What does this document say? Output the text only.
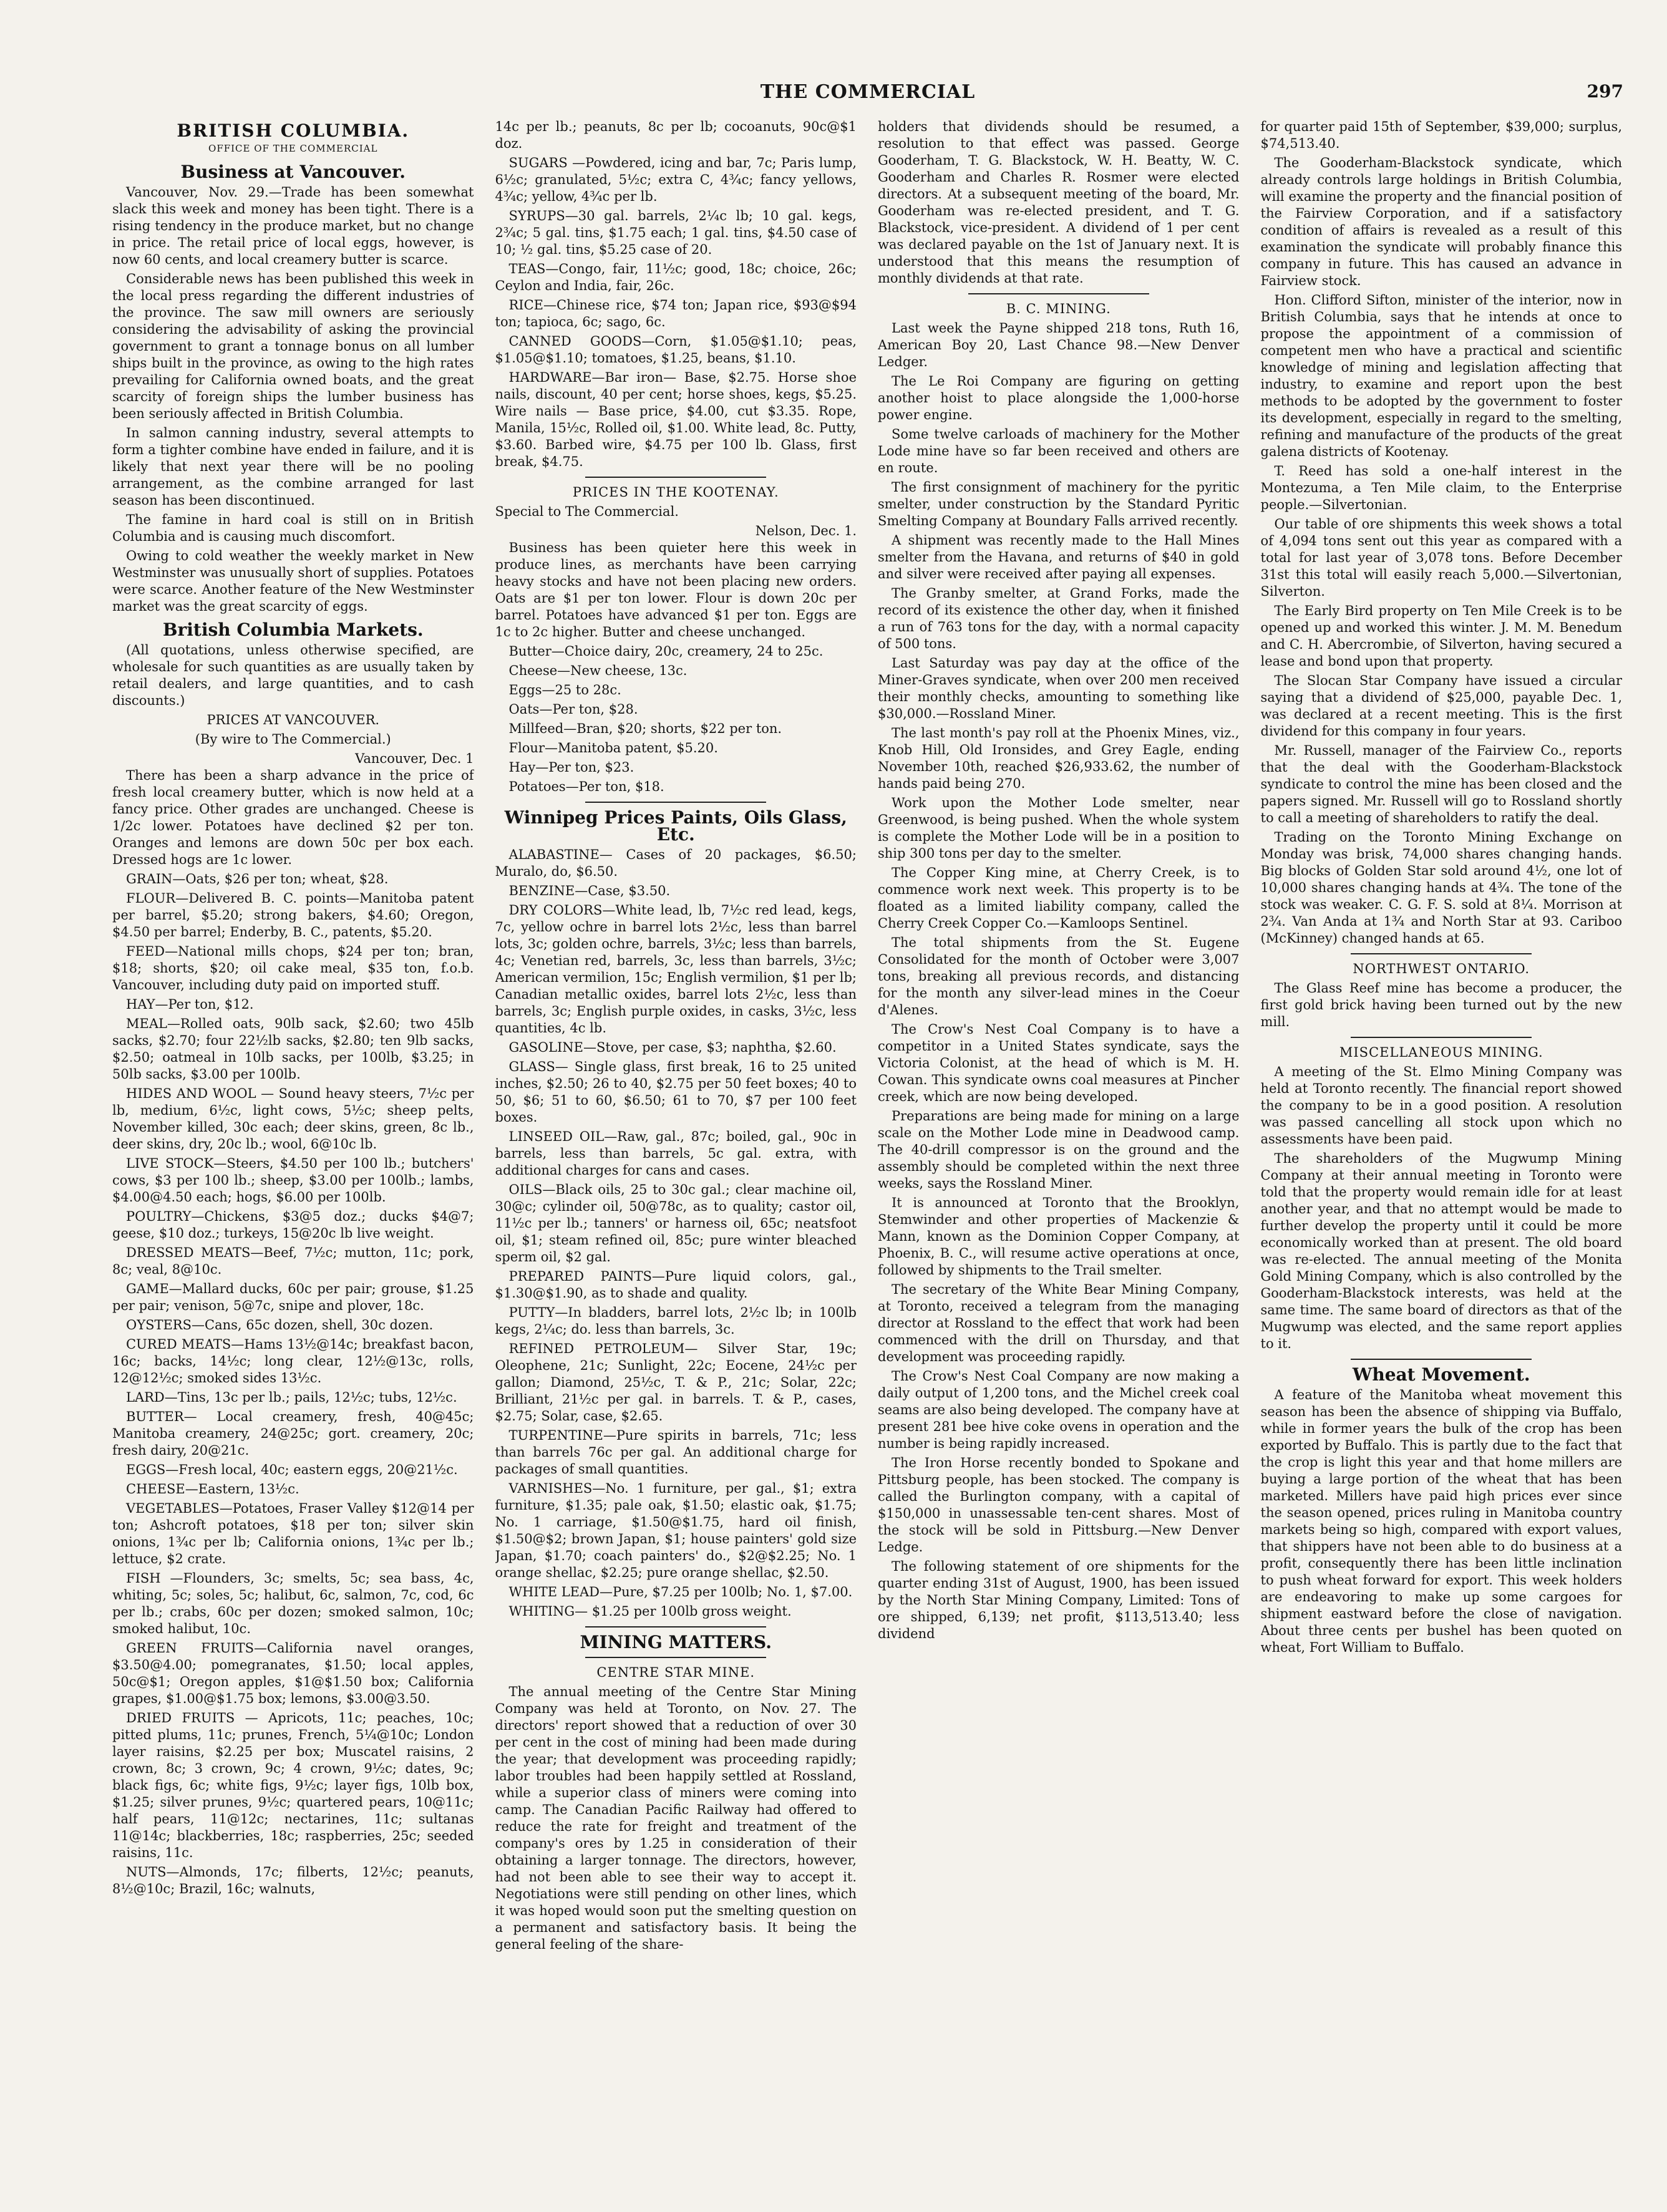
THE COMMERCIAL	297
BRITISH COLUMBIA.
OFFICE OF THE COMMERCIAL
Business at Vancouver.

Vancouver, Nov. 29.—Trade has been somewhat slack this week and money has been tight. There is a rising tendency in the produce market, but no change in price. The retail price of local eggs, however, is now 60 cents, and local creamery butter is scarce.

Considerable news has been published this week in the local press regarding the different industries of the province. The saw mill owners are seriously considering the advisability of asking the provincial government to grant a tonnage bonus on all lumber ships built in the province, as owing to the high rates prevailing for California owned boats, and the great scarcity of foreign ships the lumber business has been seriously affected in British Columbia.

In salmon canning industry, several attempts to form a tighter combine have ended in failure, and it is likely that next year there will be no pooling arrangement, as the combine arranged for last season has been discontinued.

The famine in hard coal is still on in British Columbia and is causing much discomfort.

Owing to cold weather the weekly market in New Westminster was unusually short of supplies. Potatoes were scarce. Another feature of the New Westminster market was the great scarcity of eggs.

British Columbia Markets.

(All quotations, unless otherwise specified, are wholesale for such quantities as are usually taken by retail dealers, and large quantities, and to cash discounts.)

PRICES AT VANCOUVER.
(By wire to The Commercial.)
Vancouver, Dec. 1

There has been a sharp advance in the price of fresh local creamery butter, which is now held at a fancy price. Other grades are unchanged. Cheese is 1/2c lower. Potatoes have declined $2 per ton. Oranges and lemons are down 50c per box each. Dressed hogs are 1c lower.

GRAIN—Oats, $26 per ton; wheat, $28.

FLOUR—Delivered B. C. points—Manitoba patent per barrel, $5.20; strong bakers, $4.60; Oregon, $4.50 per barrel; Enderby, B. C., patents, $5.20.

FEED—National mills chops, $24 per ton; bran, $18; shorts, $20; oil cake meal, $35 ton, f.o.b. Vancouver, including duty paid on imported stuff.

HAY—Per ton, $12.

MEAL—Rolled oats, 90lb sack, $2.60; two 45lb sacks, $2.70; four 22½lb sacks, $2.80; ten 9lb sacks, $2.50; oatmeal in 10lb sacks, per 100lb, $3.25; in 50lb sacks, $3.00 per 100lb.

HIDES AND WOOL — Sound heavy steers, 7½c per lb, medium, 6½c, light cows, 5½c; sheep pelts, November killed, 30c each; deer skins, green, 8c lb., deer skins, dry, 20c lb.; wool, 6@10c lb.

LIVE STOCK—Steers, $4.50 per 100 lb.; butchers' cows, $3 per 100 lb.; sheep, $3.00 per 100lb.; lambs, $4.00@4.50 each; hogs, $6.00 per 100lb.

POULTRY—Chickens, $3@5 doz.; ducks $4@7; geese, $10 doz.; turkeys, 15@20c lb live weight.

DRESSED MEATS—Beef, 7½c; mutton, 11c; pork, 8c; veal, 8@10c.

GAME—Mallard ducks, 60c per pair; grouse, $1.25 per pair; venison, 5@7c, snipe and plover, 18c.

OYSTERS—Cans, 65c dozen, shell, 30c dozen.

CURED MEATS—Hams 13½@14c; breakfast bacon, 16c; backs, 14½c; long clear, 12½@13c, rolls, 12@12½c; smoked sides 13½c.

LARD—Tins, 13c per lb.; pails, 12½c; tubs, 12½c.

BUTTER— Local creamery, fresh, 40@45c; Manitoba creamery, 24@25c; gort. creamery, 20c; fresh dairy, 20@21c.

EGGS—Fresh local, 40c; eastern eggs, 20@21½c.

CHEESE—Eastern, 13½c.

VEGETABLES—Potatoes, Fraser Valley $12@14 per ton; Ashcroft potatoes, $18 per ton; silver skin onions, 1¾c per lb; California onions, 1¾c per lb.; lettuce, $2 crate.

FISH —Flounders, 3c; smelts, 5c; sea bass, 4c, whiting, 5c; soles, 5c; halibut, 6c, salmon, 7c, cod, 6c per lb.; crabs, 60c per dozen; smoked salmon, 10c; smoked halibut, 10c.

GREEN FRUITS—California navel oranges, $3.50@4.00; pomegranates, $1.50; local apples, 50c@$1; Oregon apples, $1@$1.50 box; California grapes, $1.00@$1.75 box; lemons, $3.00@3.50.

DRIED FRUITS — Apricots, 11c; peaches, 10c; pitted plums, 11c; prunes, French, 5¼@10c; London layer raisins, $2.25 per box; Muscatel raisins, 2 crown, 8c; 3 crown, 9c; 4 crown, 9½c; dates, 9c; black figs, 6c; white figs, 9½c; layer figs, 10lb box, $1.25; silver prunes, 9½c; quartered pears, 10@11c; half pears, 11@12c; nectarines, 11c; sultanas 11@14c; blackberries, 18c; raspberries, 25c; seeded raisins, 11c.

NUTS—Almonds, 17c; filberts, 12½c; peanuts, 8½@10c; Brazil, 16c; walnuts,

14c per lb.; peanuts, 8c per lb; cocoanuts, 90c@$1 doz.

SUGARS —Powdered, icing and bar, 7c; Paris lump, 6½c; granulated, 5½c; extra C, 4¾c; fancy yellows, 4¾c; yellow, 4¾c per lb.

SYRUPS—30 gal. barrels, 2¼c lb; 10 gal. kegs, 2¾c; 5 gal. tins, $1.75 each; 1 gal. tins, $4.50 case of 10; ½ gal. tins, $5.25 case of 20.

TEAS—Congo, fair, 11½c; good, 18c; choice, 26c; Ceylon and India, fair, 26c.

RICE—Chinese rice, $74 ton; Japan rice, $93@$94 ton; tapioca, 6c; sago, 6c.

CANNED GOODS—Corn, $1.05@$1.10; peas, $1.05@$1.10; tomatoes, $1.25, beans, $1.10.

HARDWARE—Bar iron— Base, $2.75. Horse shoe nails, discount, 40 per cent; horse shoes, kegs, $5.25. Wire nails — Base price, $4.00, cut $3.35. Rope, Manila, 15½c, Rolled oil, $1.00. White lead, 8c. Putty, $3.60. Barbed wire, $4.75 per 100 lb. Glass, first break, $4.75.

PRICES IN THE KOOTENAY.

Special to The Commercial.

Nelson, Dec. 1.

Business has been quieter here this week in produce lines, as merchants have been carrying heavy stocks and have not been placing new orders. Oats are $1 per ton lower. Flour is down 20c per barrel. Potatoes have advanced $1 per ton. Eggs are 1c to 2c higher. Butter and cheese unchanged.

Butter—Choice dairy, 20c, creamery, 24 to 25c.

Cheese—New cheese, 13c.

Eggs—25 to 28c.

Oats—Per ton, $28.

Millfeed—Bran, $20; shorts, $22 per ton.

Flour—Manitoba patent, $5.20.

Hay—Per ton, $23.

Potatoes—Per ton, $18.

Winnipeg Prices Paints, Oils Glass, Etc.

ALABASTINE— Cases of 20 packages, $6.50; Muralo, do, $6.50.

BENZINE—Case, $3.50.

DRY COLORS—White lead, lb, 7½c red lead, kegs, 7c, yellow ochre in barrel lots 2½c, less than barrel lots, 3c; golden ochre, barrels, 3½c; less than barrels, 4c; Venetian red, barrels, 3c, less than barrels, 3½c; American vermilion, 15c; English vermilion, $1 per lb; Canadian metallic oxides, barrel lots 2½c, less than barrels, 3c; English purple oxides, in casks, 3½c, less quantities, 4c lb.

GASOLINE—Stove, per case, $3; naphtha, $2.60.

GLASS— Single glass, first break, 16 to 25 united inches, $2.50; 26 to 40, $2.75 per 50 feet boxes; 40 to 50, $6; 51 to 60, $6.50; 61 to 70, $7 per 100 feet boxes.

LINSEED OIL—Raw, gal., 87c; boiled, gal., 90c in barrels, less than barrels, 5c gal. extra, with additional charges for cans and cases.

OILS—Black oils, 25 to 30c gal.; clear machine oil, 30@c; cylinder oil, 50@78c, as to quality; castor oil, 11½c per lb.; tanners' or harness oil, 65c; neatsfoot oil, $1; steam refined oil, 85c; pure winter bleached sperm oil, $2 gal.

PREPARED PAINTS—Pure liquid colors, gal., $1.30@$1.90, as to shade and quality.

PUTTY—In bladders, barrel lots, 2½c lb; in 100lb kegs, 2¼c; do. less than barrels, 3c.

REFINED PETROLEUM— Silver Star, 19c; Oleophene, 21c; Sunlight, 22c; Eocene, 24½c per gallon; Diamond, 25½c, T. & P., 21c; Solar, 22c; Brilliant, 21½c per gal. in barrels. T. & P., cases, $2.75; Solar, case, $2.65.

TURPENTINE—Pure spirits in barrels, 71c; less than barrels 76c per gal. An additional charge for packages of small quantities.

VARNISHES—No. 1 furniture, per gal., $1; extra furniture, $1.35; pale oak, $1.50; elastic oak, $1.75; No. 1 carriage, $1.50@$1.75, hard oil finish, $1.50@$2; brown Japan, $1; house painters' gold size Japan, $1.70; coach painters' do., $2@$2.25; No. 1 orange shellac, $2.25; pure orange shellac, $2.50.

WHITE LEAD—Pure, $7.25 per 100lb; No. 1, $7.00.

WHITING— $1.25 per 100lb gross weight.

MINING MATTERS.
CENTRE STAR MINE.

The annual meeting of the Centre Star Mining Company was held at Toronto, on Nov. 27. The directors' report showed that a reduction of over 30 per cent in the cost of mining had been made during the year; that development was proceeding rapidly; labor troubles had been happily settled at Rossland, while a superior class of miners were coming into camp. The Canadian Pacific Railway had offered to reduce the rate for freight and treatment of the company's ores by 1.25 in consideration of their obtaining a larger tonnage. The directors, however, had not been able to see their way to accept it. Negotiations were still pending on other lines, which it was hoped would soon put the smelting question on a permanent and satisfactory basis. It being the general feeling of the share-

holders that dividends should be resumed, a resolution to that effect was passed. George Gooderham, T. G. Blackstock, W. H. Beatty, W. C. Gooderham and Charles R. Rosmer were elected directors. At a subsequent meeting of the board, Mr. Gooderham was re-elected president, and T. G. Blackstock, vice-president. A dividend of 1 per cent was declared payable on the 1st of January next. It is understood that this means the resumption of monthly dividends at that rate.

B. C. MINING.

Last week the Payne shipped 218 tons, Ruth 16, American Boy 20, Last Chance 98.—New Denver Ledger.

The Le Roi Company are figuring on getting another hoist to place alongside the 1,000-horse power engine.

Some twelve carloads of machinery for the Mother Lode mine have so far been received and others are en route.

The first consignment of machinery for the pyritic smelter, under construction by the Standard Pyritic Smelting Company at Boundary Falls arrived recently.

A shipment was recently made to the Hall Mines smelter from the Havana, and returns of $40 in gold and silver were received after paying all expenses.

The Granby smelter, at Grand Forks, made the record of its existence the other day, when it finished a run of 763 tons for the day, with a normal capacity of 500 tons.

Last Saturday was pay day at the office of the Miner-Graves syndicate, when over 200 men received their monthly checks, amounting to something like $30,000.—Rossland Miner.

The last month's pay roll at the Phoenix Mines, viz., Knob Hill, Old Ironsides, and Grey Eagle, ending November 10th, reached $26,933.62, the number of hands paid being 270.

Work upon the Mother Lode smelter, near Greenwood, is being pushed. When the whole system is complete the Mother Lode will be in a position to ship 300 tons per day to the smelter.

The Copper King mine, at Cherry Creek, is to commence work next week. This property is to be floated as a limited liability company, called the Cherry Creek Copper Co.—Kamloops Sentinel.

The total shipments from the St. Eugene Consolidated for the month of October were 3,007 tons, breaking all previous records, and distancing for the month any silver-lead mines in the Coeur d'Alenes.

The Crow's Nest Coal Company is to have a competitor in a United States syndicate, says the Victoria Colonist, at the head of which is M. H. Cowan. This syndicate owns coal measures at Pincher creek, which are now being developed.

Preparations are being made for mining on a large scale on the Mother Lode mine in Deadwood camp. The 40-drill compressor is on the ground and the assembly should be completed within the next three weeks, says the Rossland Miner.

It is announced at Toronto that the Brooklyn, Stemwinder and other properties of Mackenzie & Mann, known as the Dominion Copper Company, at Phoenix, B. C., will resume active operations at once, followed by shipments to the Trail smelter.

The secretary of the White Bear Mining Company, at Toronto, received a telegram from the managing director at Rossland to the effect that work had been commenced with the drill on Thursday, and that development was proceeding rapidly.

The Crow's Nest Coal Company are now making a daily output of 1,200 tons, and the Michel creek coal seams are also being developed. The company have at present 281 bee hive coke ovens in operation and the number is being rapidly increased.

The Iron Horse recently bonded to Spokane and Pittsburg people, has been stocked. The company is called the Burlington company, with a capital of $150,000 in unassessable ten-cent shares. Most of the stock will be sold in Pittsburg.—New Denver Ledge.

The following statement of ore shipments for the quarter ending 31st of August, 1900, has been issued by the North Star Mining Company, Limited: Tons of ore shipped, 6,139; net profit, $113,513.40; less dividend

for quarter paid 15th of September, $39,000; surplus, $74,513.40.

The Gooderham-Blackstock syndicate, which already controls large holdings in British Columbia, will examine the property and the financial position of the Fairview Corporation, and if a satisfactory condition of affairs is revealed as a result of this examination the syndicate will probably finance this company in future. This has caused an advance in Fairview stock.

Hon. Clifford Sifton, minister of the interior, now in British Columbia, says that he intends at once to propose the appointment of a commission of competent men who have a practical and scientific knowledge of mining and legislation affecting that industry, to examine and report upon the best methods to be adopted by the government to foster its development, especially in regard to the smelting, refining and manufacture of the products of the great galena districts of Kootenay.

T. Reed has sold a one-half interest in the Montezuma, a Ten Mile claim, to the Enterprise people.—Silvertonian.

Our table of ore shipments this week shows a total of 4,094 tons sent out this year as compared with a total for last year of 3,078 tons. Before December 31st this total will easily reach 5,000.—Silvertonian, Silverton.

The Early Bird property on Ten Mile Creek is to be opened up and worked this winter. J. M. M. Benedum and C. H. Abercrombie, of Silverton, having secured a lease and bond upon that property.

The Slocan Star Company have issued a circular saying that a dividend of $25,000, payable Dec. 1, was declared at a recent meeting. This is the first dividend for this company in four years.

Mr. Russell, manager of the Fairview Co., reports that the deal with the Gooderham-Blackstock syndicate to control the mine has been closed and the papers signed. Mr. Russell will go to Rossland shortly to call a meeting of shareholders to ratify the deal.

Trading on the Toronto Mining Exchange on Monday was brisk, 74,000 shares changing hands. Big blocks of Golden Star sold around 4½, one lot of 10,000 shares changing hands at 4¾. The tone of the stock was weaker. C. G. F. S. sold at 8¼. Morrison at 2¾. Van Anda at 1¾ and North Star at 93. Cariboo (McKinney) changed hands at 65.

NORTHWEST ONTARIO.

The Glass Reef mine has become a producer, the first gold brick having been turned out by the new mill.

MISCELLANEOUS MINING.

A meeting of the St. Elmo Mining Company was held at Toronto recently. The financial report showed the company to be in a good position. A resolution was passed cancelling all stock upon which no assessments have been paid.

The shareholders of the Mugwump Mining Company at their annual meeting in Toronto were told that the property would remain idle for at least another year, and that no attempt would be made to further develop the property until it could be more economically worked than at present. The old board was re-elected. The annual meeting of the Monita Gold Mining Company, which is also controlled by the Gooderham-Blackstock interests, was held at the same time. The same board of directors as that of the Mugwump was elected, and the same report applies to it.

Wheat Movement.

A feature of the Manitoba wheat movement this season has been the absence of shipping via Buffalo, while in former years the bulk of the crop has been exported by Buffalo. This is partly due to the fact that the crop is light this year and that home millers are buying a large portion of the wheat that has been marketed. Millers have paid high prices ever since the season opened, prices ruling in Manitoba country markets being so high, compared with export values, that shippers have not been able to do business at a profit, consequently there has been little inclination to push wheat forward for export. This week holders are endeavoring to make up some cargoes for shipment eastward before the close of navigation. About three cents per bushel has been quoted on wheat, Fort William to Buffalo.
